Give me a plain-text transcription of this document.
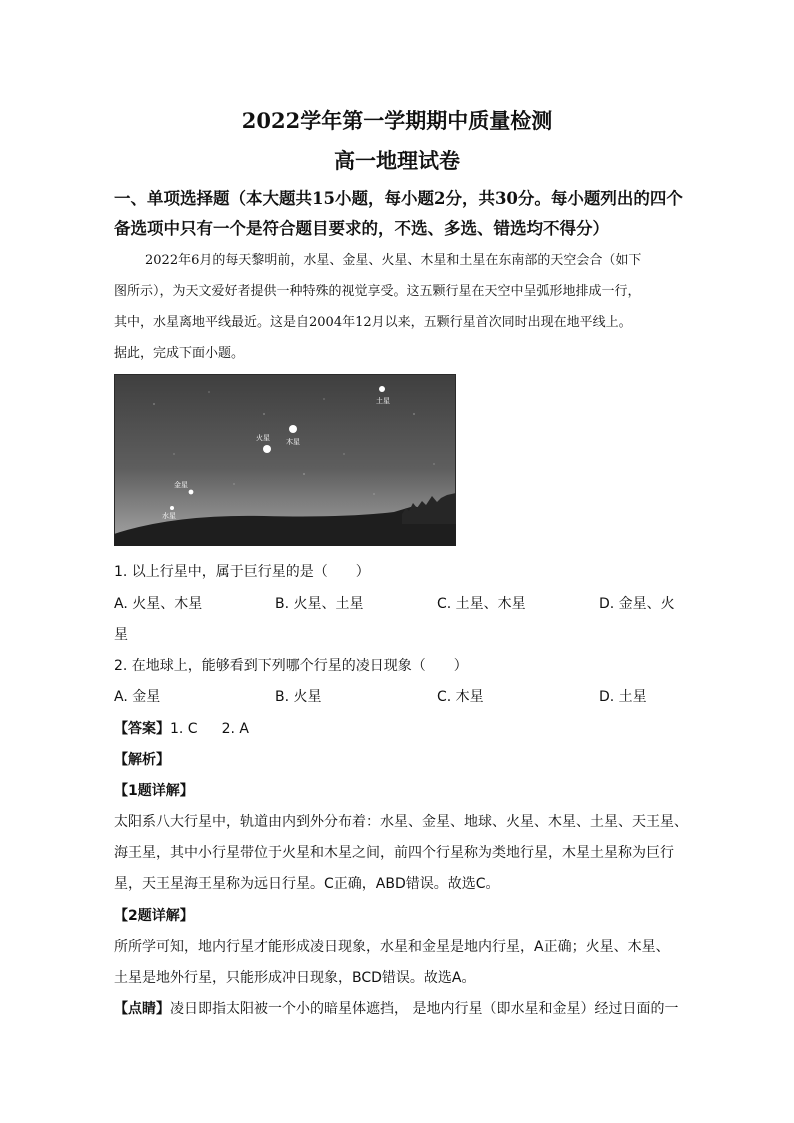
2022学年第一学期期中质量检测
高一地理试卷
一、单项选择题（本大题共15小题，每小题2分，共30分。每小题列出的四个
备选项中只有一个是符合题目要求的，不选、多选、错选均不得分）
2022年6月的每天黎明前，水星、金星、火星、木星和土星在东南部的天空会合（如下
图所示），为天文爱好者提供一种特殊的视觉享受。这五颗行星在天空中呈弧形地排成一行，
其中，水星离地平线最近。这是自2004年12月以来，五颗行星首次同时出现在地平线上。
据此，完成下面小题。
土星
木星
火星
金星
水星
1. 以上行星中，属于巨行星的是（　　）
A. 火星、木星	B. 火星、土星	C. 土星、木星	D. 金星、火
星
2. 在地球上，能够看到下列哪个行星的凌日现象（　　）
A. 金星	B. 火星	C. 木星	D. 土星
【答案】1. C 2. A
【解析】
【1题详解】
太阳系八大行星中，轨道由内到外分布着：水星、金星、地球、火星、木星、土星、天王星、
海王星，其中小行星带位于火星和木星之间，前四个行星称为类地行星，木星土星称为巨行
星，天王星海王星称为远日行星。C正确，ABD错误。故选C。
【2题详解】
所所学可知，地内行星才能形成凌日现象，水星和金星是地内行星，A正确；火星、木星、
土星是地外行星，只能形成冲日现象，BCD错误。故选A。
【点睛】凌日即指太阳被一个小的暗星体遮挡， 是地内行星（即水星和金星）经过日面的一
